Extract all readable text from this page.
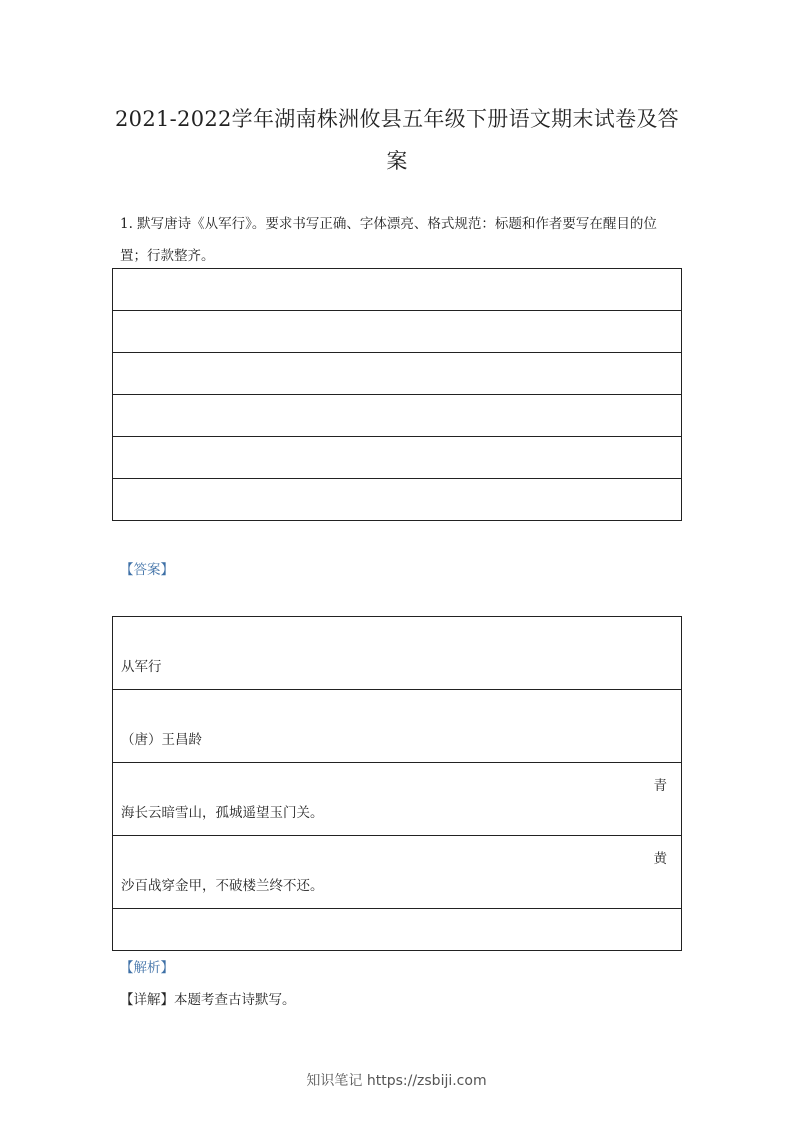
2021-2022学年湖南株洲攸县五年级下册语文期末试卷及答案
1. 默写唐诗《从军行》。要求书写正确、字体漂亮、格式规范：标题和作者要写在醒目的位置；行款整齐。
【答案】
从军行
（唐）王昌龄
青
海长云暗雪山，孤城遥望玉门关。
黄
沙百战穿金甲，不破楼兰终不还。
【解析】
【详解】本题考查古诗默写。
知识笔记 https://zsbiji.com
